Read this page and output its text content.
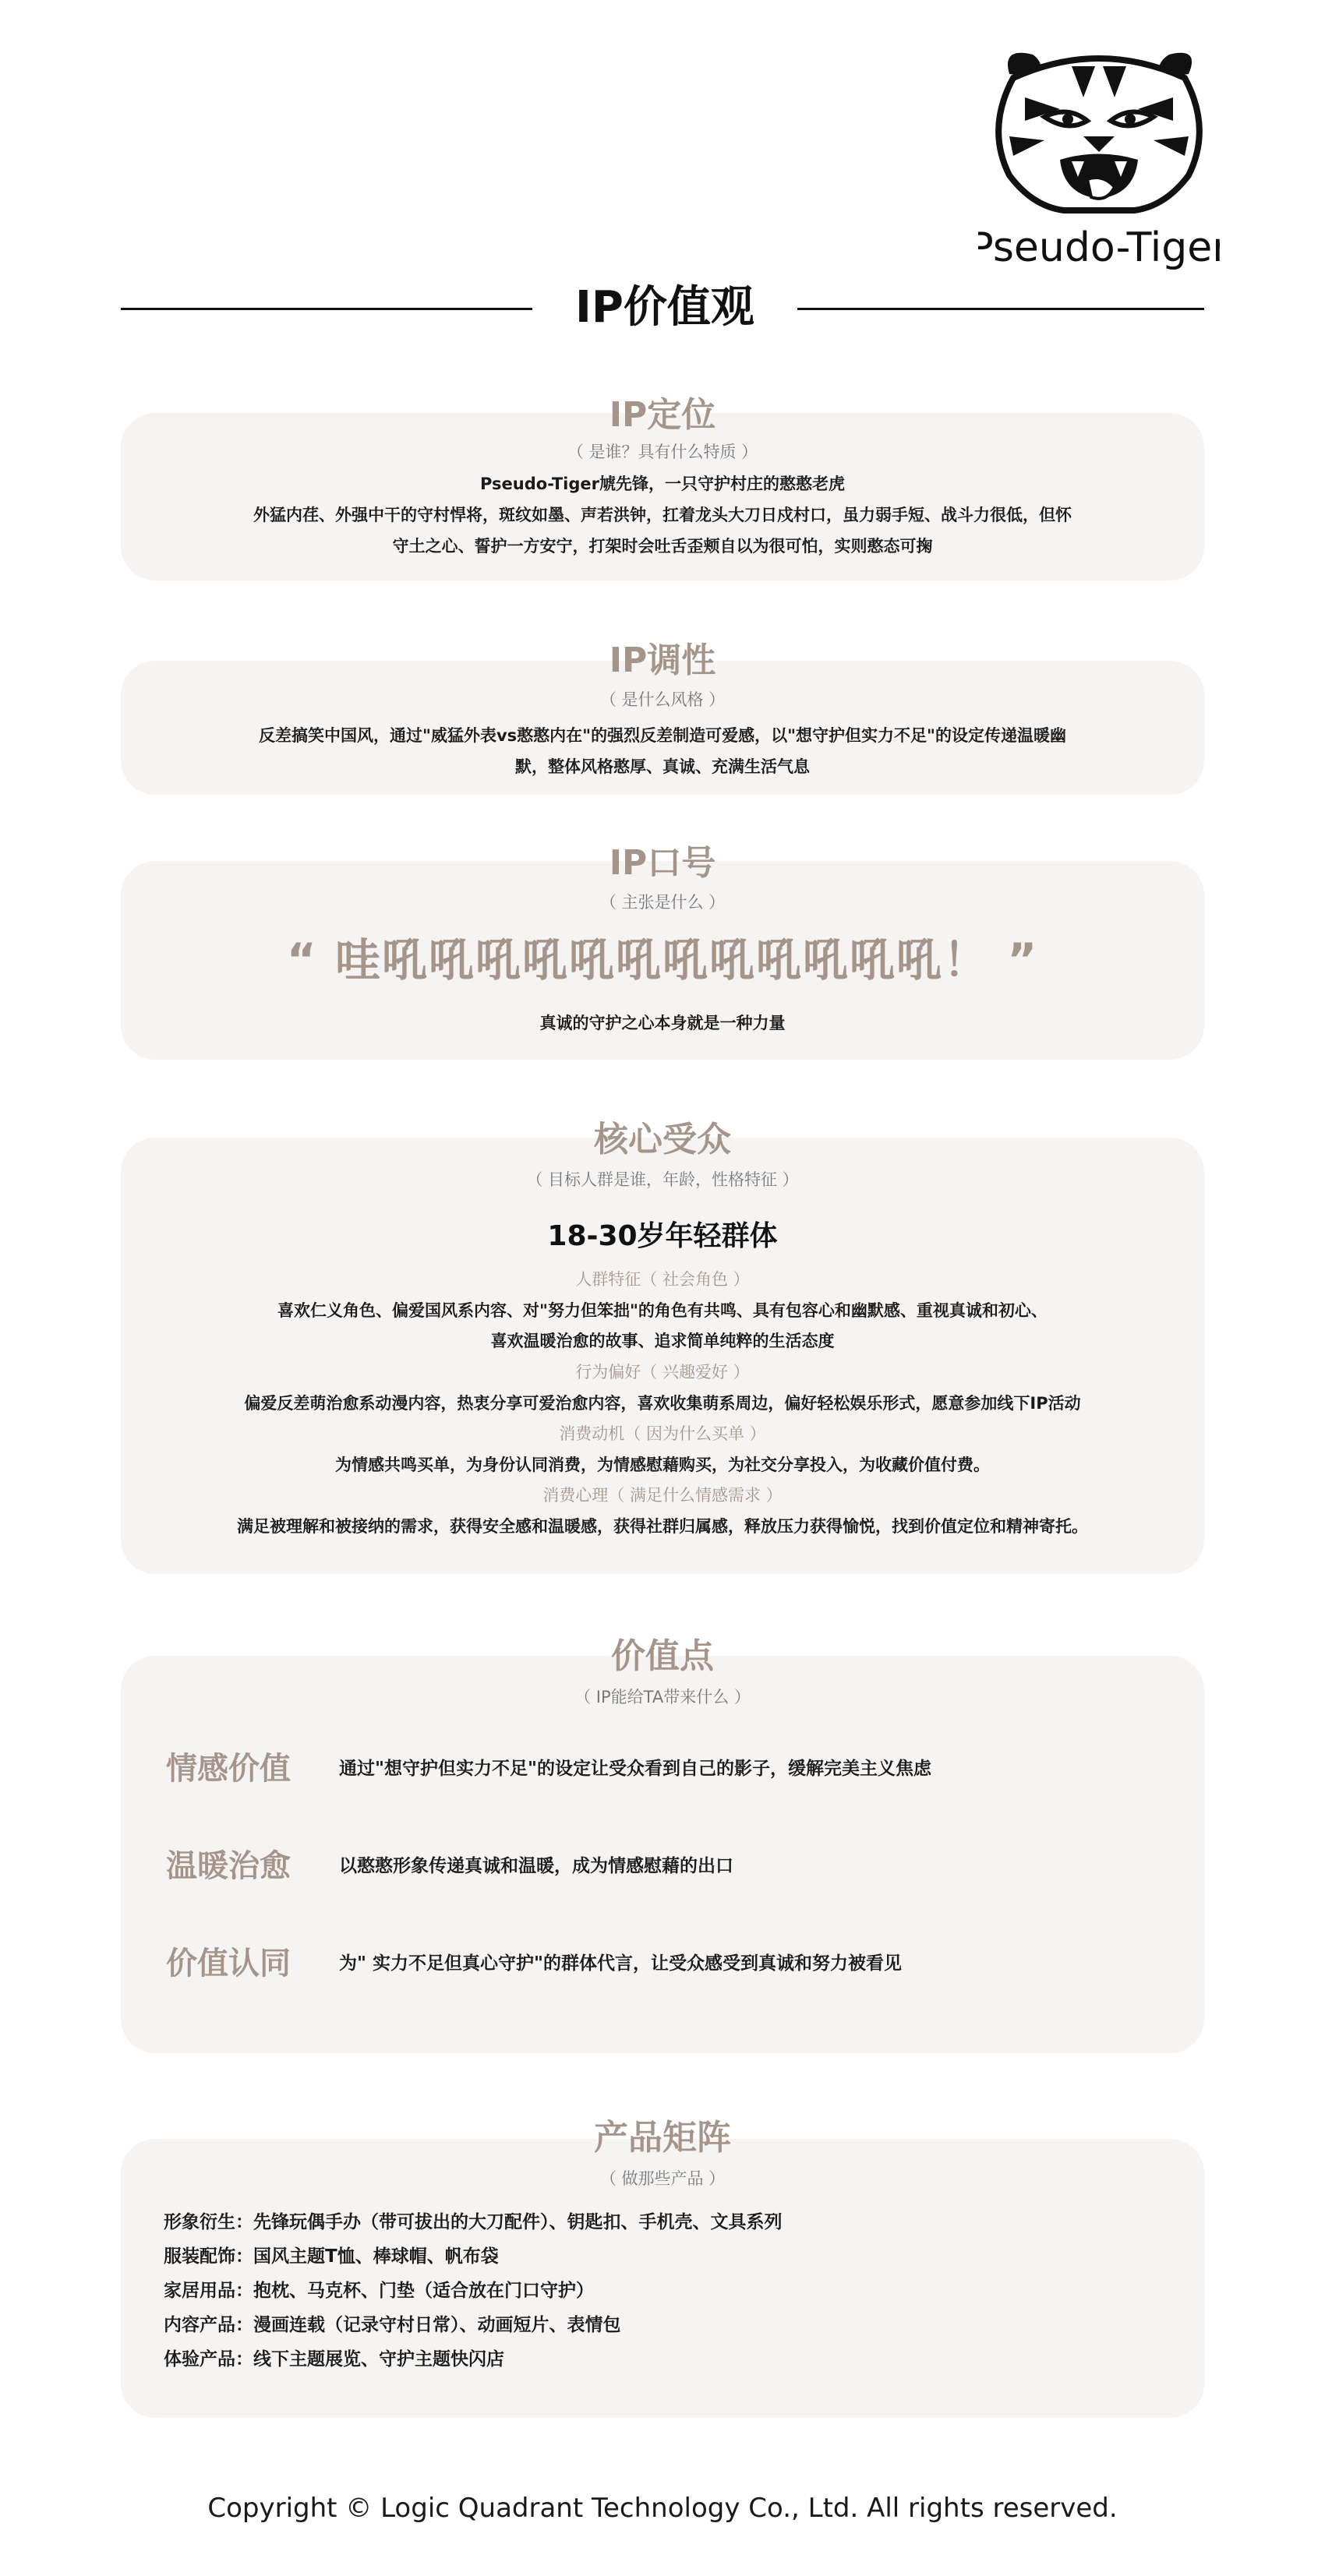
Pseudo-Tiger
IP价值观
IP定位
（ 是谁？具有什么特质 ）
Pseudo-Tiger虓先锋，一只守护村庄的憨憨老虎
外猛内荏、外强中干的守村悍将，斑纹如墨、声若洪钟，扛着龙头大刀日戍村口，虽力弱手短、战斗力很低，但怀
守土之心、誓护一方安宁，打架时会吐舌歪颊自以为很可怕，实则憨态可掬
IP调性
（ 是什么风格 ）
反差搞笑中国风，通过"威猛外表vs憨憨内在"的强烈反差制造可爱感，以"想守护但实力不足"的设定传递温暖幽
默，整体风格憨厚、真诚、充满生活气息
IP口号
（ 主张是什么 ）
“ 哇吼吼吼吼吼吼吼吼吼吼吼吼！ ”
真诚的守护之心本身就是一种力量
核心受众
（ 目标人群是谁，年龄，性格特征 ）
18-30岁年轻群体
人群特征（ 社会角色 ）
喜欢仁义角色、偏爱国风系内容、对"努力但笨拙"的角色有共鸣、具有包容心和幽默感、重视真诚和初心、
喜欢温暖治愈的故事、追求简单纯粹的生活态度
行为偏好（ 兴趣爱好 ）
偏爱反差萌治愈系动漫内容，热衷分享可爱治愈内容，喜欢收集萌系周边，偏好轻松娱乐形式，愿意参加线下IP活动
消费动机（ 因为什么买单 ）
为情感共鸣买单，为身份认同消费，为情感慰藉购买，为社交分享投入，为收藏价值付费。
消费心理（ 满足什么情感需求 ）
满足被理解和被接纳的需求，获得安全感和温暖感，获得社群归属感，释放压力获得愉悦，找到价值定位和精神寄托。
价值点
（ IP能给TA带来什么 ）
情感价值	通过"想守护但实力不足"的设定让受众看到自己的影子，缓解完美主义焦虑
温暖治愈	以憨憨形象传递真诚和温暖，成为情感慰藉的出口
价值认同	为" 实力不足但真心守护"的群体代言，让受众感受到真诚和努力被看见
产品矩阵
（ 做那些产品 ）
形象衍生：先锋玩偶手办（带可拔出的大刀配件）、钥匙扣、手机壳、文具系列
服装配饰：国风主题T恤、棒球帽、帆布袋
家居用品：抱枕、马克杯、门垫（适合放在门口守护）
内容产品：漫画连载（记录守村日常）、动画短片、表情包
体验产品：线下主题展览、守护主题快闪店
Copyright © Logic Quadrant Technology Co., Ltd. All rights reserved.
